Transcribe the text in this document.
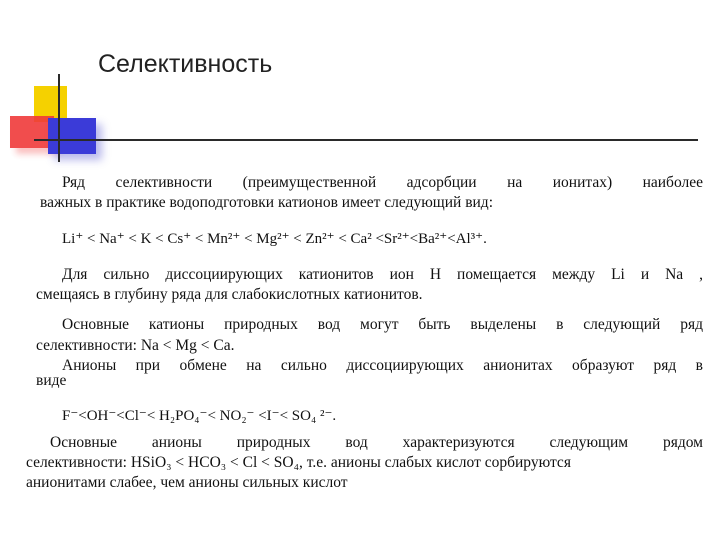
Селективность
Ряд селективности (преимущественной адсорбции на ионитах) наиболее
важных в практике водоподготовки катионов имеет следующий вид:
Li⁺ < Na⁺ < K < Cs⁺ < Mn²⁺ < Mg²⁺ < Zn²⁺ < Ca² <Sr²⁺<Ba²⁺<Al³⁺.
Для сильно диссоциирующих катионитов ион Н помещается между Li и Na ,
смещаясь в глубину ряда для слабокислотных катионитов.
Основные катионы природных вод могут быть выделены в следующий ряд
селективности: Na < Mg < Ca.
Анионы при обмене на сильно диссоциирующих анионитах образуют ряд в
виде
F⁻<OH⁻<Cl⁻< H₂PO₄⁻< NO₂⁻ <I⁻< SO₄ ²⁻.
Основные анионы природных вод характеризуются следующим рядом
селективности: HSiO₃ < HCO₃ < Cl < SO₄, т.е. анионы слабых кислот сорбируются
анионитами слабее, чем анионы сильных кислот
